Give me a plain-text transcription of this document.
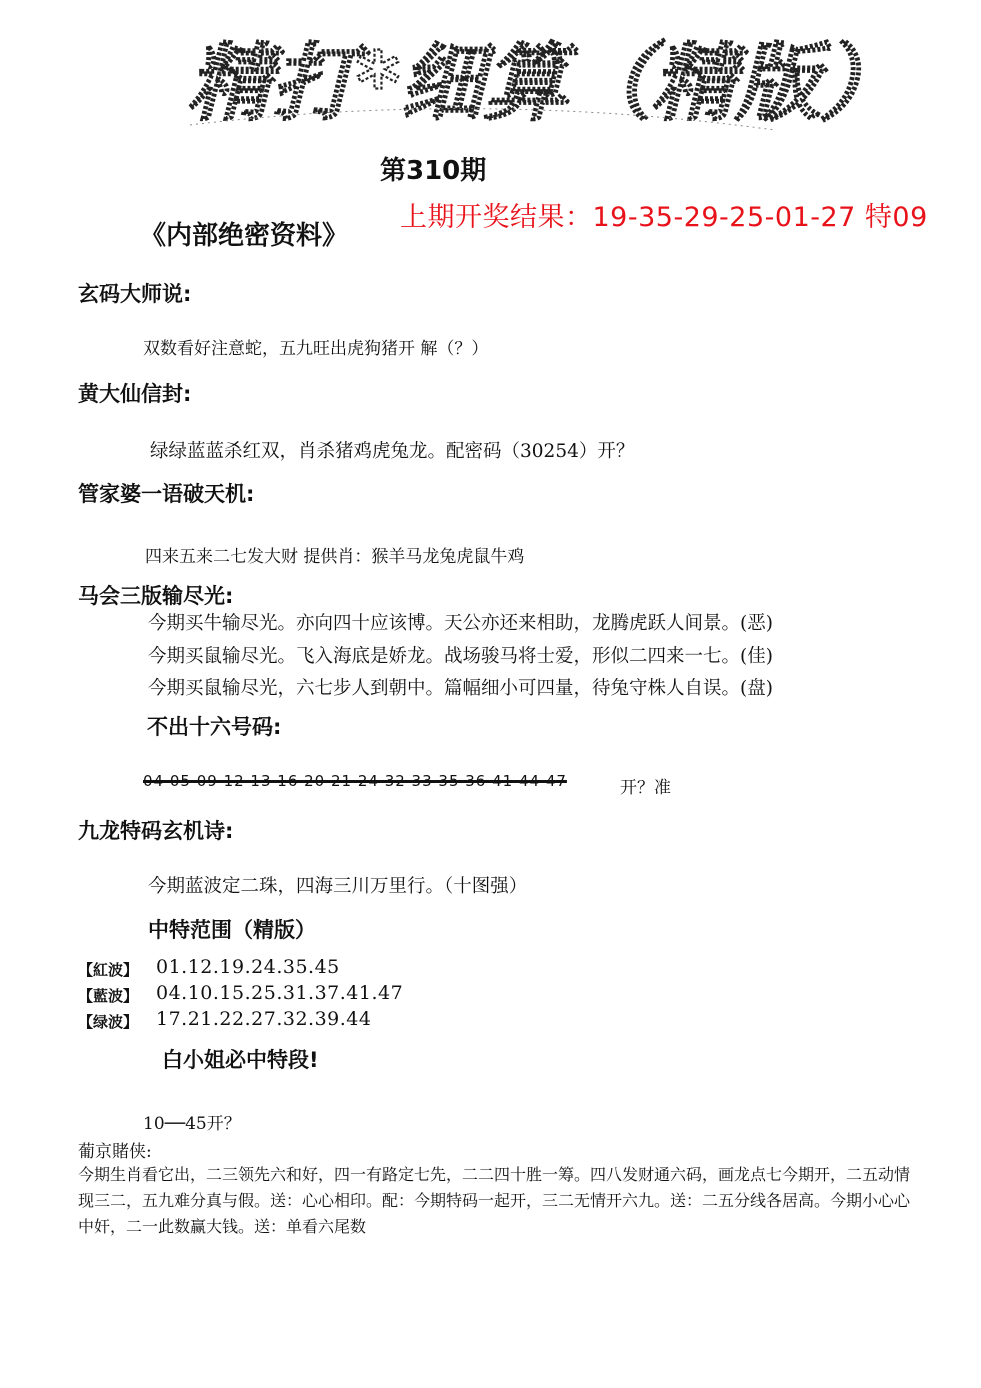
精打*细算（精版）
第310期
上期开奖结果：19-35-29-25-01-27 特09
《内部绝密资料》
玄码大师说:
双数看好注意蛇，五九旺出虎狗猪开 解（？）
黄大仙信封:
绿绿蓝蓝杀红双，肖杀猪鸡虎兔龙。配密码（30254）开？
管家婆一语破天机:
四来五来二七发大财 提供肖：猴羊马龙兔虎鼠牛鸡
马会三版输尽光:
今期买牛输尽光。亦向四十应该博。天公亦还来相助，龙腾虎跃人间景。(恶)
今期买鼠输尽光。飞入海底是娇龙。战场骏马将士爱，形似二四来一七。(佳)
今期买鼠输尽光，六七步人到朝中。篇幅细小可四量，待兔守株人自误。(盘)
不出十六号码:
04 05 09 12 13 16 20 21 24 32 33 35 36 41 44 47	开？准
九龙特码玄机诗:
今期蓝波定二珠，四海三川万里行。（十图强）
中特范围（精版）
【紅波】 01.12.19.24.35.45
【藍波】 04.10.15.25.31.37.41.47
【绿波】 17.21.22.27.32.39.44
白小姐必中特段!
10──45开？
葡京賭侠:
今期生肖看它出，二三领先六和好，四一有路定七先，二二四十胜一筹。四八发财通六码，画龙点七今期开，二五动情现三二，五九难分真与假。送：心心相印。配：今期特码一起开，三二无情开六九。送：二五分线各居高。今期小心心中奸，二一此数赢大钱。送：单看六尾数
